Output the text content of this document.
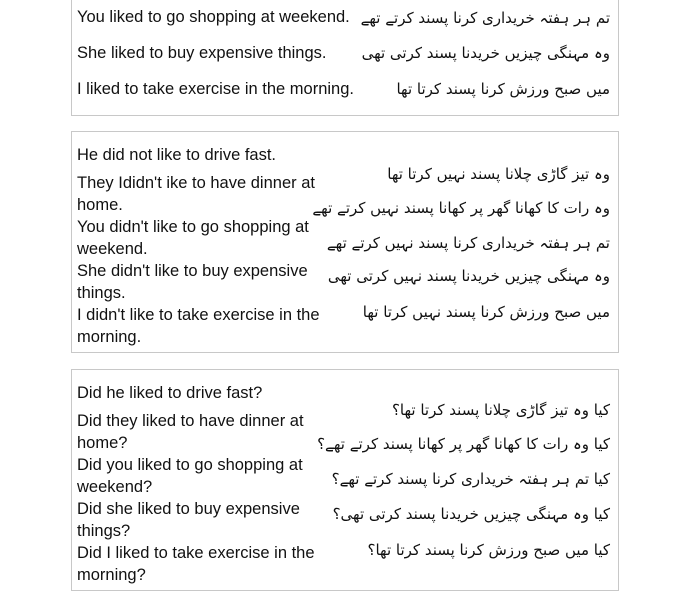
You liked to go shopping at weekend.
She liked to buy expensive things.
I liked to take exercise in the morning.
تم ہر ہفتہ خریداری کرنا پسند کرتے تھے
وہ مہنگی چیزیں خریدنا پسند کرتی تھی
میں صبح ورزش کرنا پسند کرتا تھا
He did not like to drive fast.
They Ididn't ike to have dinner at home.
You didn't like to go shopping at weekend.
She didn't like to buy expensive things.
I didn't like to take exercise in the morning.
وہ تیز گاڑی چلانا پسند نہیں کرتا تھا
وہ رات کا کھانا گھر پر کھانا پسند نہیں کرتے تھے
تم ہر ہفتہ خریداری کرنا پسند نہیں کرتے تھے
وہ مہنگی چیزیں خریدنا پسند نہیں کرتی تھی
میں صبح ورزش کرنا پسند نہیں کرتا تھا
Did he liked to drive fast?
Did they liked to have dinner at home?
Did you liked to go shopping at weekend?
Did she liked to buy expensive things?
Did I liked to take exercise in the morning?
کیا وہ تیز گاڑی چلانا پسند کرتا تھا؟
کیا وہ رات کا کھانا گھر پر کھانا پسند کرتے تھے؟
کیا تم ہر ہفتہ خریداری کرنا پسند کرتے تھے؟
کیا وہ مہنگی چیزیں خریدنا پسند کرتی تھی؟
کیا میں صبح ورزش کرنا پسند کرتا تھا؟
